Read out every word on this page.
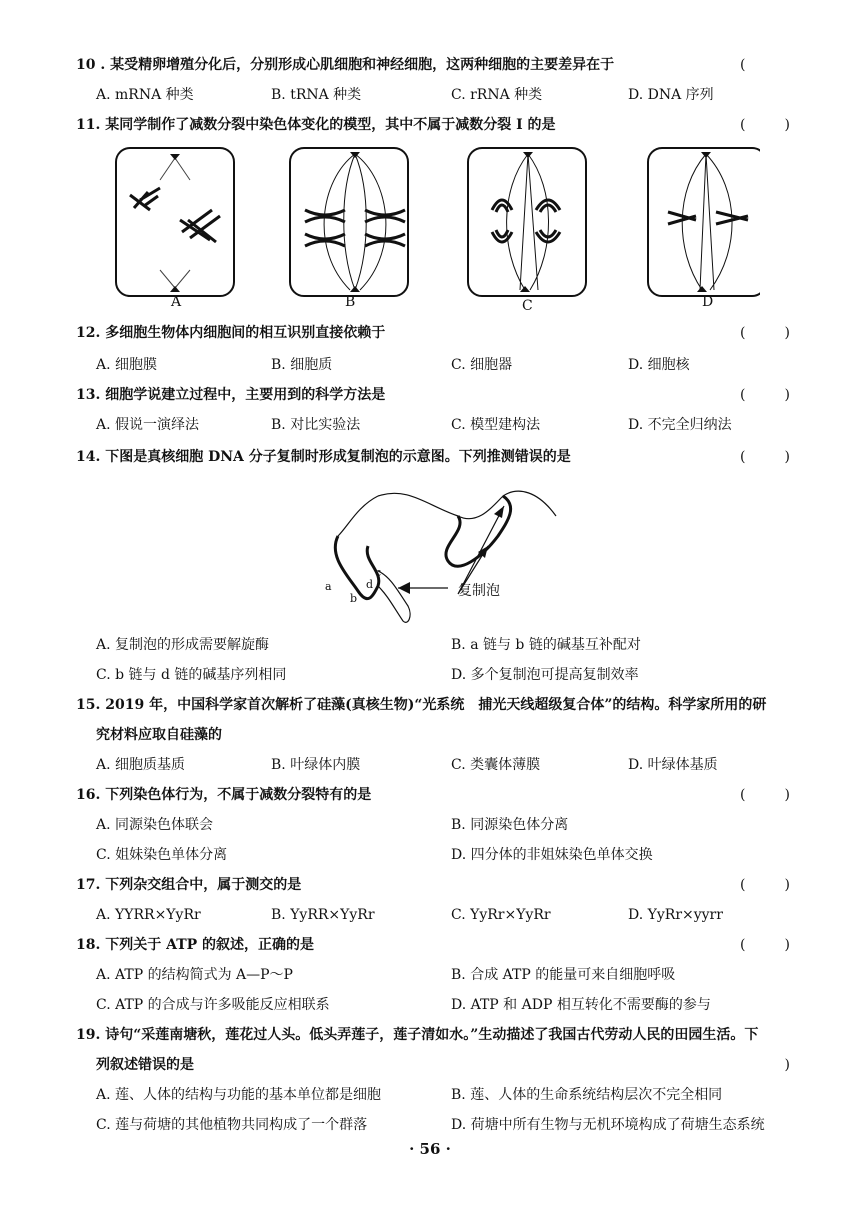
10 . 某受精卵增殖分化后，分别形成心肌细胞和神经细胞，这两种细胞的主要差异在于	(
A. mRNA 种类	B. tRNA 种类	C. rRNA 种类	D. DNA 序列
11. 某同学制作了减数分裂中染色体变化的模型，其中不属于减数分裂 I 的是	(	)
A	B	C	D
12. 多细胞生物体内细胞间的相互识别直接依赖于	(	)
A. 细胞膜	B. 细胞质	C. 细胞器	D. 细胞核
13. 细胞学说建立过程中，主要用到的科学方法是	(	)
A. 假说一演绎法	B. 对比实验法	C. 模型建构法	D. 不完全归纳法
14. 下图是真核细胞 DNA 分子复制时形成复制泡的示意图。下列推测错误的是	(	)
a
b
c
d	复制泡
A. 复制泡的形成需要解旋酶	B. a 链与 b 链的碱基互补配对
C. b 链与 d 链的碱基序列相同	D. 多个复制泡可提高复制效率
15. 2019 年，中国科学家首次解析了硅藻(真核生物)“光系统　捕光天线超级复合体”的结构。科学家所用的研
究材料应取自硅藻的
A. 细胞质基质	B. 叶绿体内膜	C. 类囊体薄膜	D. 叶绿体基质
16. 下列染色体行为，不属于减数分裂特有的是	(	)
A. 同源染色体联会	B. 同源染色体分离
C. 姐妹染色单体分离	D. 四分体的非姐妹染色单体交换
17. 下列杂交组合中，属于测交的是	(	)
A. YYRR×YyRr	B. YyRR×YyRr	C. YyRr×YyRr	D. YyRr×yyrr
18. 下列关于 ATP 的叙述，正确的是	(	)
A. ATP 的结构简式为 A—P～P	B. 合成 ATP 的能量可来自细胞呼吸
C. ATP 的合成与许多吸能反应相联系	D. ATP 和 ADP 相互转化不需要酶的参与
19. 诗句“采莲南塘秋，莲花过人头。低头弄莲子，莲子清如水。”生动描述了我国古代劳动人民的田园生活。下
列叙述错误的是	)
A. 莲、人体的结构与功能的基本单位都是细胞	B. 莲、人体的生命系统结构层次不完全相同
C. 莲与荷塘的其他植物共同构成了一个群落	D. 荷塘中所有生物与无机环境构成了荷塘生态系统
· 56 ·
